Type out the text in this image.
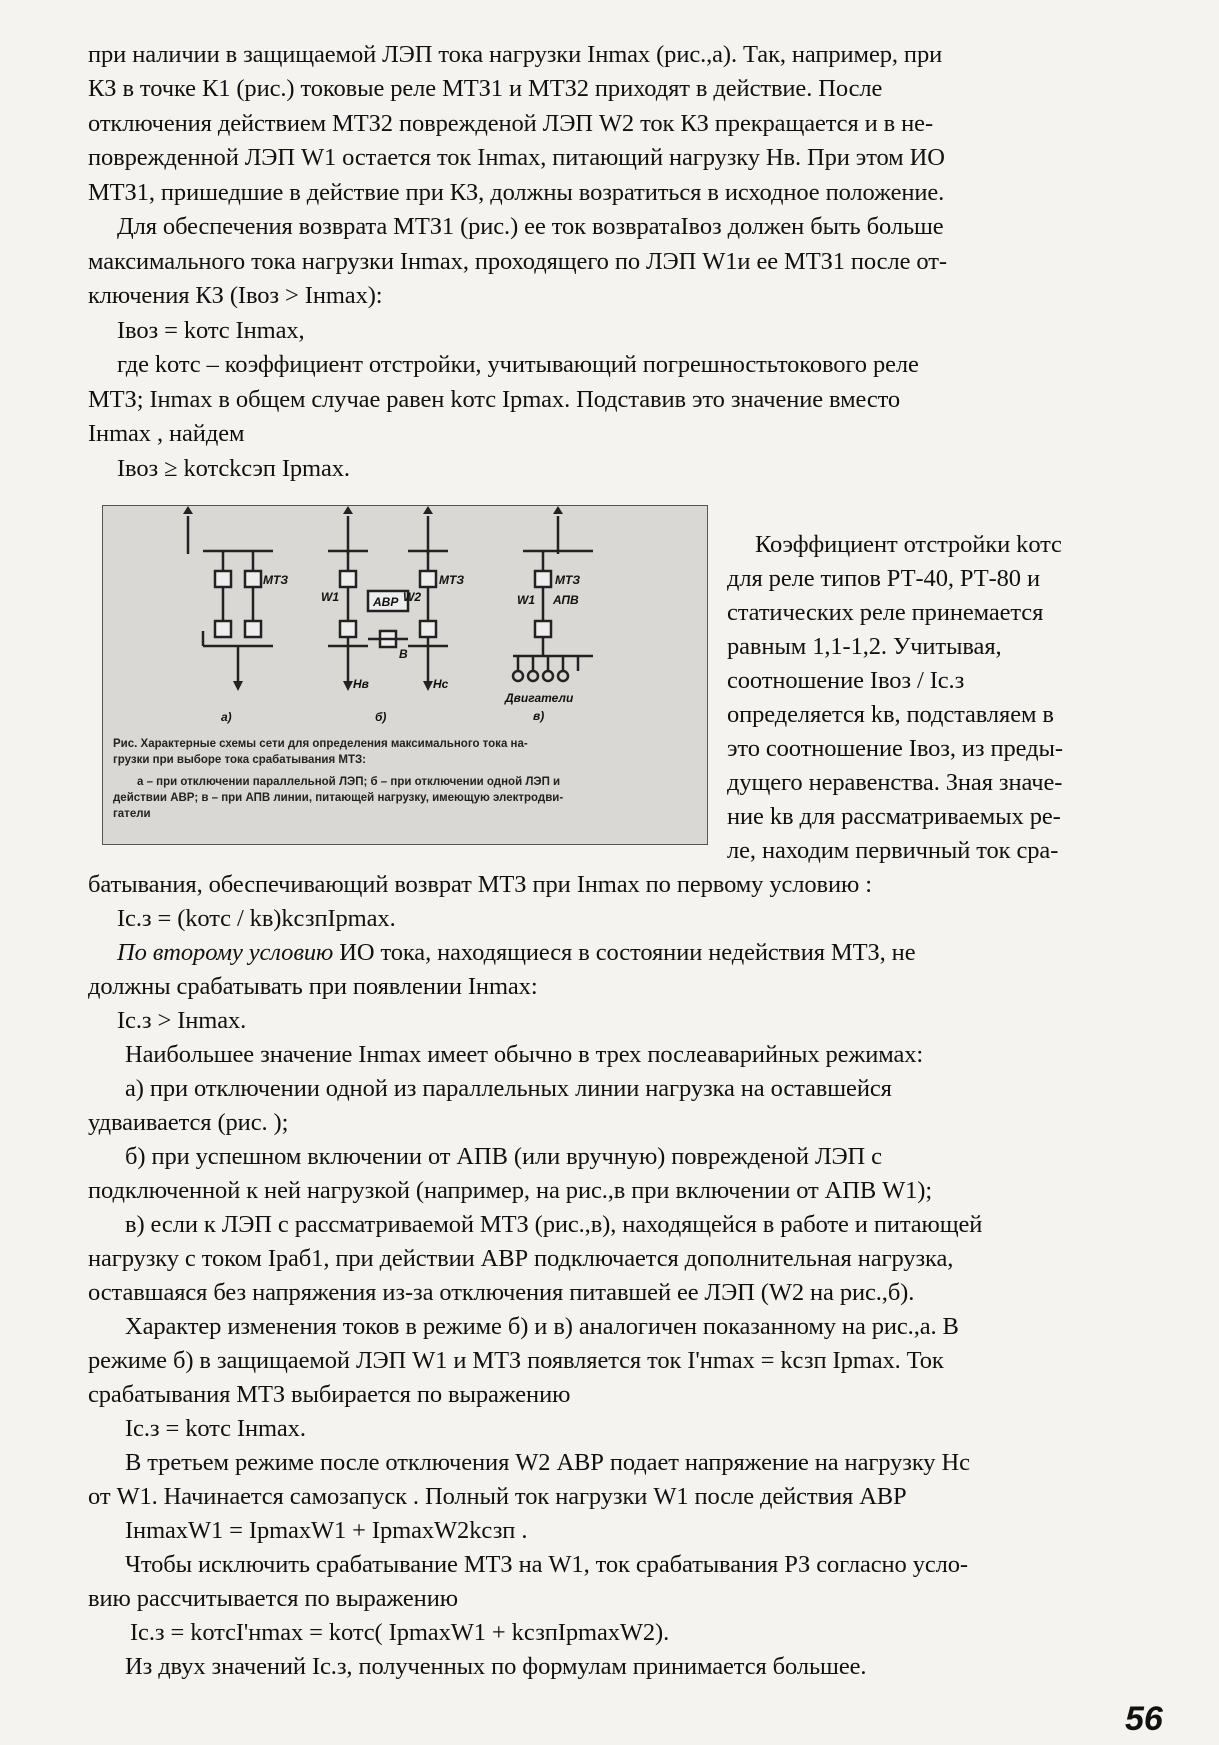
при наличии в защищаемой ЛЭП тока нагрузки Iнmax (рис.,а). Так, например, при
КЗ в точке К1 (рис.) токовые реле МТЗ1 и МТЗ2 приходят в действие. После
отключения действием МТЗ2 поврежденой ЛЭП W2 ток КЗ прекращается и в не-
поврежденной ЛЭП W1 остается ток Iнmax, питающий нагрузку Нв. При этом ИО
МТЗ1, пришедшие в действие при КЗ, должны возратиться в исходное положение.
Для обеспечения возврата МТЗ1 (рис.) ее ток возвратаIвоз должен быть больше
максимального тока нагрузки Iнmax, проходящего по ЛЭП W1и ее МТЗ1 после от-
ключения КЗ (Iвоз > Iнmax):
Iвоз = kотс Iнmax,
где kотс – коэффициент отстройки, учитывающий погрешностьтокового реле
МТЗ; Iнmax в общем случае равен kотс Iрmax. Подставив это значение вместо
Iнmax , найдем
Iвоз ≥ kотсkсэп Iрmax.
МТЗ	МТЗ	МТЗ
W1	W2
АВР	W1 АПВ
Нв	Нс
В
Двигатели
а)	б)	в)
Рис. Характерные схемы сети для определения максимального тока на-
грузки при выборе тока срабатывания МТЗ:
а – при отключении параллельной ЛЭП; б – при отключении одной ЛЭП и
действии АВР; в – при АПВ линии, питающей нагрузку, имеющую электродви-
гатели
Коэффициент отстройки kотс
для реле типов РТ-40, РТ-80 и
статических реле принемается
равным 1,1-1,2. Учитывая,
соотношение Iвоз / Iс.з
определяется kв, подставляем в
это соотношение Iвоз, из преды-
дущего неравенства. Зная значе-
ние kв для рассматриваемых ре-
ле, находим первичный ток сра-
батывания, обеспечивающий возврат МТЗ при Iнmax по первому условию :
Iс.з = (kотс / kв)kсзпIрmax.
По второму условию ИО тока, находящиеся в состоянии недействия МТЗ, не
должны срабатывать при появлении Iнmax:
Iс.з > Iнmax.
Наибольшее значение Iнmax имеет обычно в трех послеаварийных режимах:
а) при отключении одной из параллельных линии нагрузка на оставшейся
удваивается (рис. );
б) при успешном включении от АПВ (или вручную) поврежденой ЛЭП с
подключенной к ней нагрузкой (например, на рис.,в при включении от АПВ W1);
в) если к ЛЭП с рассматриваемой МТЗ (рис.,в), находящейся в работе и питающей
нагрузку с током Iраб1, при действии АВР подключается дополнительная нагрузка,
оставшаяся без напряжения из-за отключения питавшей ее ЛЭП (W2 на рис.,б).
Характер изменения токов в режиме б) и в) аналогичен показанному на рис.,а. В
режиме б) в защищаемой ЛЭП W1 и МТЗ появляется ток I'нmax = kсзп Iрmax. Ток
срабатывания МТЗ выбирается по выражению
Iс.з = kотс Iнmax.
В третьем режиме после отключения W2 АВР подает напряжение на нагрузку Нс
от W1. Начинается самозапуск . Полный ток нагрузки W1 после действия АВР
IнmaxW1 = IрmaxW1 + IрmaxW2kсзп .
Чтобы исключить срабатывание МТЗ на W1, ток срабатывания РЗ согласно усло-
вию рассчитывается по выражению
Iс.з = kотсI'нmax = kотс( IрmaxW1 + kсзпIрmaxW2).
Из двух значений Iс.з, полученных по формулам принимается большее.
56
